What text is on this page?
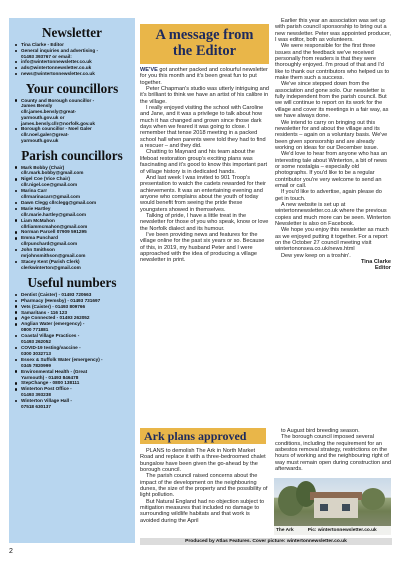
Newsletter
Tina Clarke - Editor
General inquiries and advertising -
01493 393767 or email:
info@wintertonnewsletter.co.uk
ads@wintertonnewsletter.co.uk
news@wintertonnewsletter.co.uk
Your councillors
County and Borough councillor -
James Bensly
cllr.james.bensly@great-
yarmouth.gov.uk or
james.bensly.cllr@norfolk.gov.uk
Borough councillor - Noel Galer
cllr.noel.galer@great-
yarmouth.gov.uk
Parish councillors
Mark Bobby (Chair)
cllr.mark.bobby@gmail.com
Nigel Coe (Vice Chair)
cllr.nigel.coe@gmail.com
Marina Carr
cllrmarinacarr@gmail.com
Dawn Clegg cllrclegg@gmail.com
Marie Hartley
cllr.marie.hartley@gmail.com
Liam McMahon
cllrliammcmahon@gmail.com
Norman Parcell 07909 591295
Emma Punchard
cllrpunchard@gmail.com
John Smithson
mrjohnsmithson@gmail.com
Stacey Kent (Parish Clerk)
clerkwinterton@gmail.com
Useful numbers
Dentist (Caister) - 01493 720663
Pharmacy (Hemsby) - 01493 731697
Vets (Caister) - 01493 809766
Samaritans - 116 123
Age Connected - 01493 262052
Anglian Water (emergency) -
0800 771881
Coastal Village Practices -
01493 262052
COVID-19 testing/vaccine -
0300 3032713
Essex & Suffolk Water (emergency) -
0345 7820999
Environmental Health - (Great
Yarmouth) - 01493 846478
StepChange - 0800 138111
Winterton Post Office -
01493 393238
Winterton Village Hall -
07518 630137
A message from
the Editor

WE'VE got another packed and colourful newsletter for you this month and it's been great fun to put together.

Peter Chapman's studio was utterly intriguing and it's brilliant to think we have an artist of his calibre in the village.

I really enjoyed visiting the school with Caroline and Jane, and it was a privilege to talk about how much it has changed and grown since those dark days when we feared it was going to close. I remember that tense 2018 meeting in a packed school hall when parents were told they had to find a rescuer – and they did.

Chatting to Maynard and his team about the lifeboat restoration group's exciting plans was fascinating and it's good to know this important part of village history is in dedicated hands.

And last week I was invited to 901 Troop's presentation to watch the cadets rewarded for their achievements. It was an entertaining evening and anyone who complains about the youth of today would benefit from seeing the pride these youngsters showed in themselves.

Talking of pride, I have a little treat in the newsletter for those of you who speak, know or love the Norfolk dialect and its humour.

I've been providing news and features for the village online for the past six years or so. Because of this, in 2019, my husband Peter and I were approached with the idea of producing a village newsletter in print.

Earlier this year an association was set up with parish council sponsorship to bring out a new newsletter. Peter was appointed producer, I was editor, both as volunteers.

We were responsible for the first three issues and the feedback we've received personally from readers is that they were thoroughly enjoyed. I'm proud of that and I'd like to thank our contributors who helped us to make them such a success.

We've since stepped down from the association and gone solo. Our newsletter is fully independent from the parish council. But we will continue to report on its work for the village and cover its meetings in a fair way, as we have always done.

We intend to carry on bringing out this newsletter for and about the village and its residents – again on a voluntary basis. We've been given sponsorship and are already working on ideas for our December issue.

We'd love to hear from anyone who has an interesting tale about Winterton, a bit of news or some nostalgia – especially old photographs. If you'd like to be a regular contributor you're very welcome to send an email or call.

If you'd like to advertise, again please do get in touch.

A new website is set up at wintertonnewsletter.co.uk where the previous copies and much more can be seen. Winterton Newsletter is also on Facebook.

We hope you enjoy this newsletter as much as we enjoyed putting it together. For a report on the October 27 council meeting visit wintertononsea.co.uk/news.html

Dew yew keep on a troshin'.

Tina Clarke
Editor
Ark plans approved

PLANS to demolish The Ark in North Market Road and replace it with a three-bedroomed chalet bungalow have been given the go-ahead by the borough council.

The parish council raised concerns about the impact of the development on the neighbouring dunes, the size of the property and the possibility of light pollution.

But Natural England had no objection subject to mitigation measures that included no damage to surrounding wildlife habitats and that work is avoided during the April

to August bird breeding season.

The borough council imposed several conditions, including the requirement for an asbestos removal strategy, restrictions on the hours of working and the neighbouring right of way must remain open during construction and afterwards.

The Ark	Pic: wintertonnewsletter.co.uk
Produced by Atlas Features. Cover picture: wintertonnewsletter.co.uk
2
